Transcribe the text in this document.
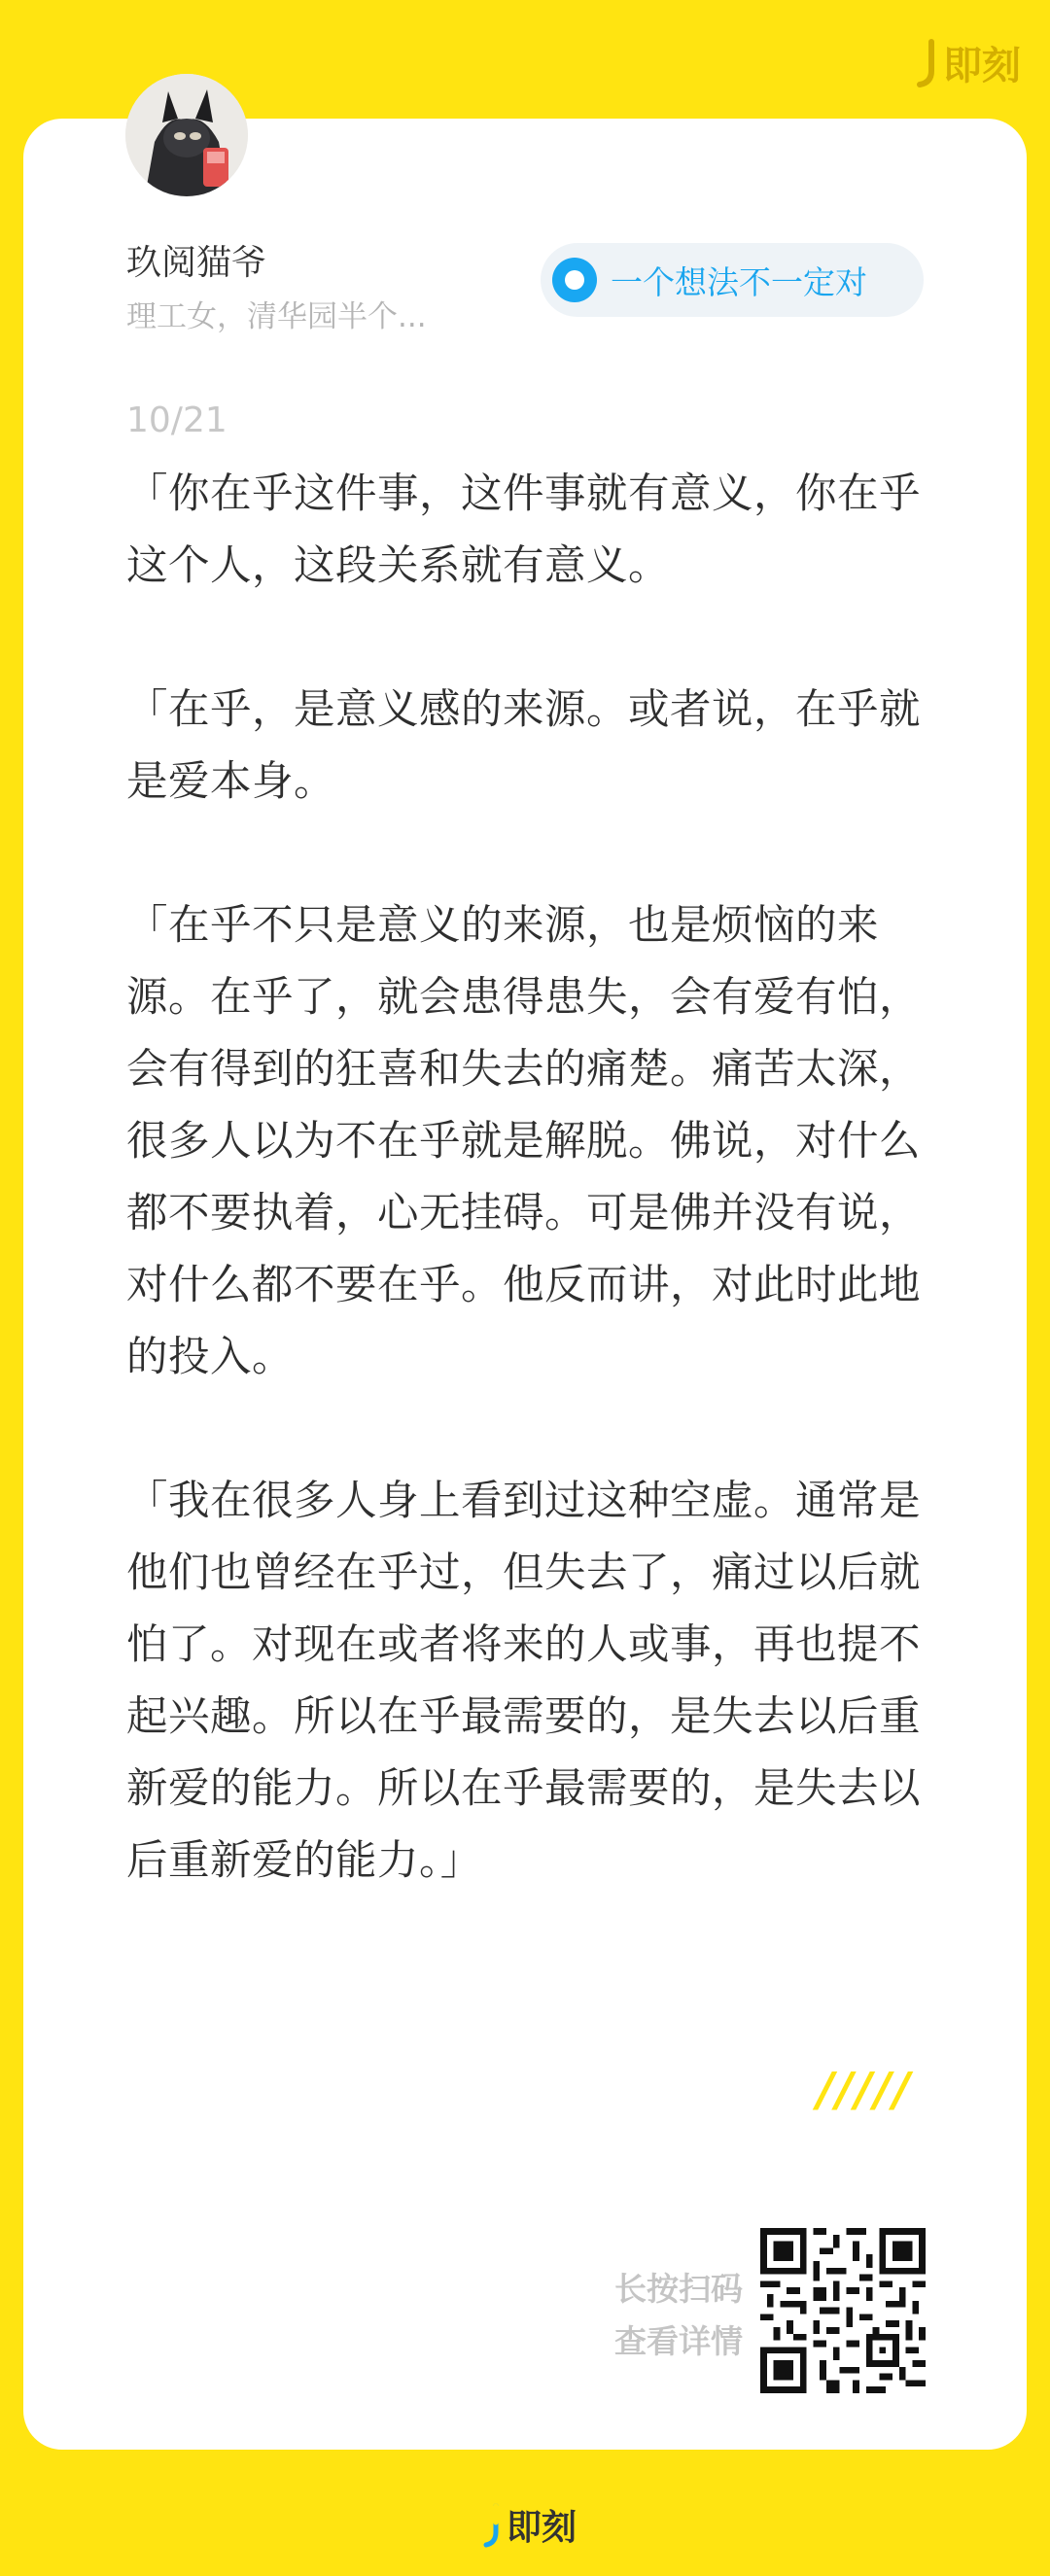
即刻
玖阅猫爷
理工女，清华园半个...
一个想法不一定对
10/21

「你在乎这件事，这件事就有意义，你在乎这个人，这段关系就有意义。

「在乎，是意义感的来源。或者说，在乎就是爱本身。

「在乎不只是意义的来源，也是烦恼的来源。在乎了，就会患得患失，会有爱有怕，会有得到的狂喜和失去的痛楚。痛苦太深，很多人以为不在乎就是解脱。佛说，对什么都不要执着，心无挂碍。可是佛并没有说，对什么都不要在乎。他反而讲，对此时此地的投入。

「我在很多人身上看到过这种空虚。通常是他们也曾经在乎过，但失去了，痛过以后就怕了。对现在或者将来的人或事，再也提不起兴趣。所以在乎最需要的，是失去以后重新爱的能力。所以在乎最需要的，是失去以后重新爱的能力。」

/////
长按扫码
查看详情
即刻
